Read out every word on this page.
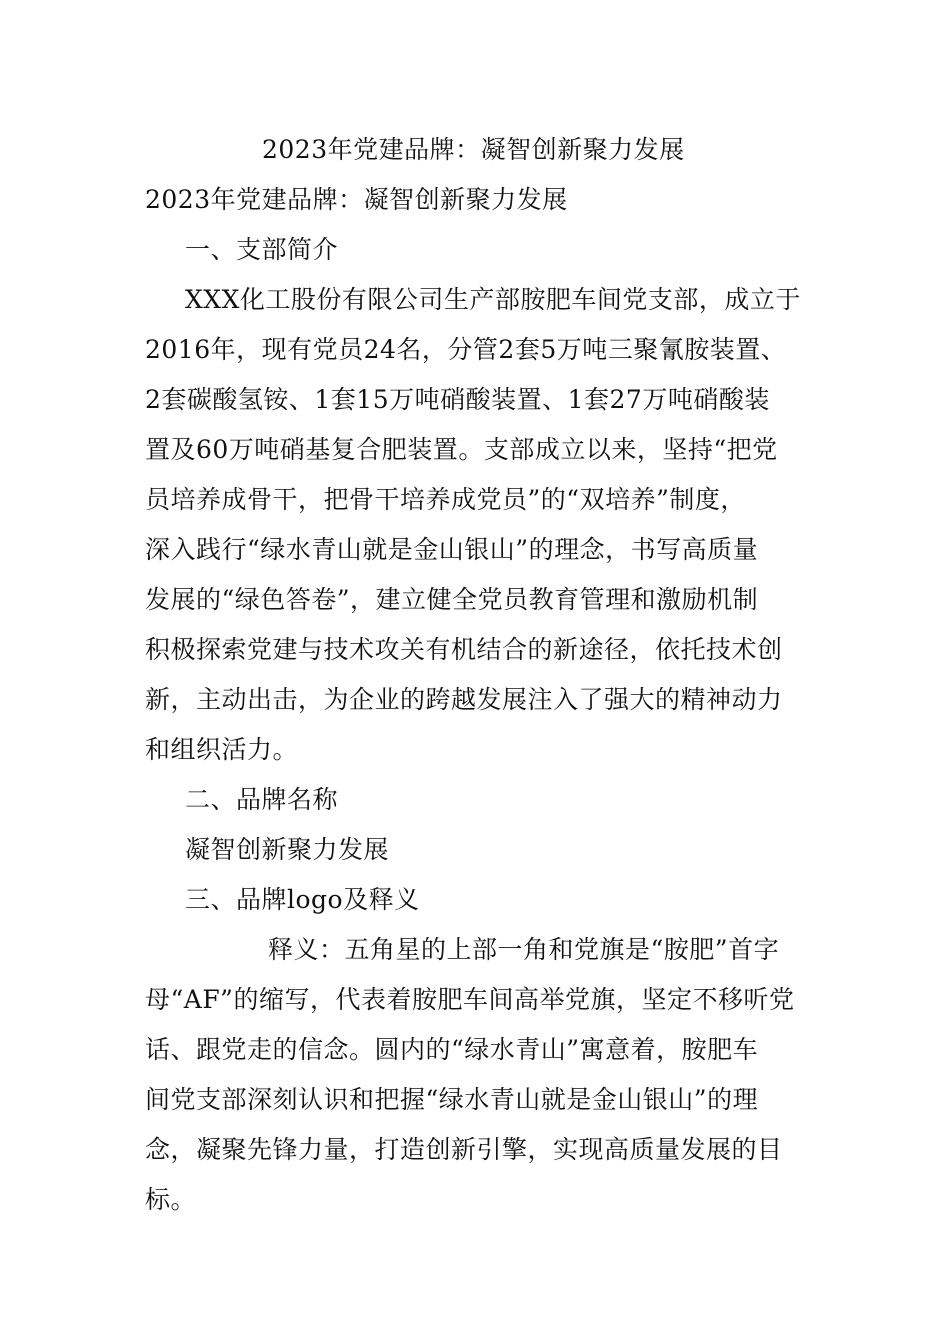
2023年党建品牌：凝智创新聚力发展
2023年党建品牌：凝智创新聚力发展
一、支部简介
XXX化工股份有限公司生产部胺肥车间党支部，成立于
2016年，现有党员24名，分管2套5万吨三聚氰胺装置、
2套碳酸氢铵、1套15万吨硝酸装置、1套27万吨硝酸装
置及60万吨硝基复合肥装置。支部成立以来，坚持“把党
员培养成骨干，把骨干培养成党员”的“双培养”制度，
深入践行“绿水青山就是金山银山”的理念，书写高质量
发展的“绿色答卷”，建立健全党员教育管理和激励机制
积极探索党建与技术攻关有机结合的新途径，依托技术创
新，主动出击，为企业的跨越发展注入了强大的精神动力
和组织活力。
二、品牌名称
凝智创新聚力发展
三、品牌logo及释义
释义：五角星的上部一角和党旗是“胺肥”首字
母“AF”的缩写，代表着胺肥车间高举党旗，坚定不移听党
话、跟党走的信念。圆内的“绿水青山”寓意着，胺肥车
间党支部深刻认识和把握“绿水青山就是金山银山”的理
念，凝聚先锋力量，打造创新引擎，实现高质量发展的目
标。
